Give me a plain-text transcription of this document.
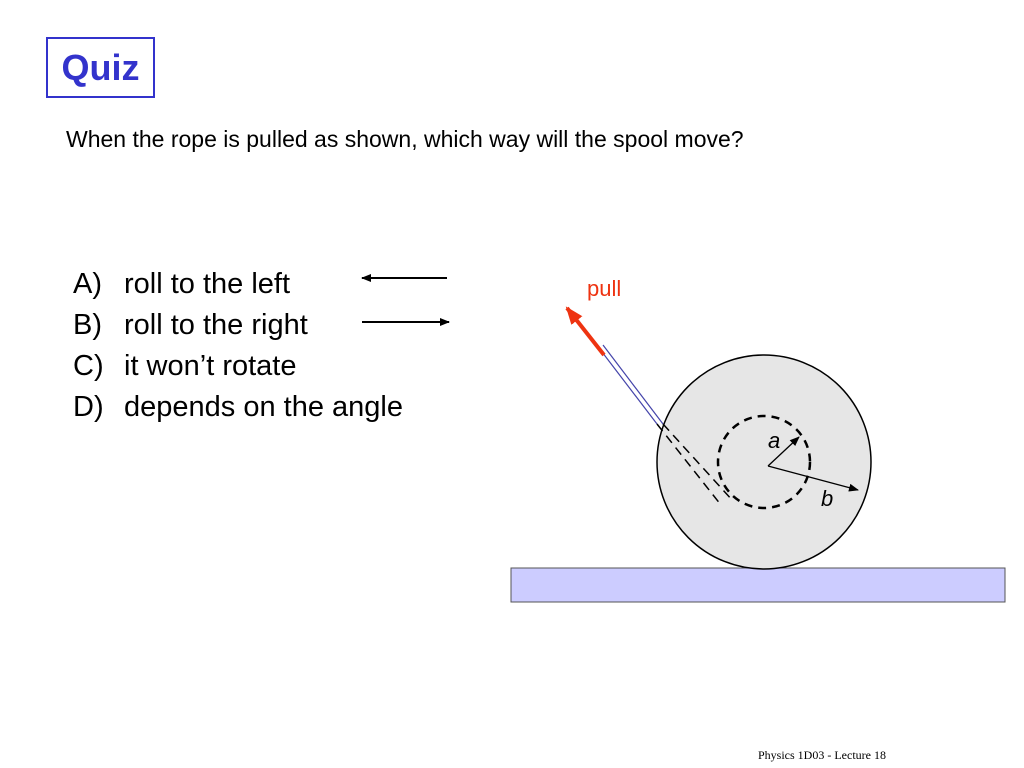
Quiz
When the rope is pulled as shown, which way will the spool move?
A) roll to the left
B) roll to the right
C) it won’t rotate
D) depends on the angle
pull
a
b
Physics 1D03 - Lecture 18
